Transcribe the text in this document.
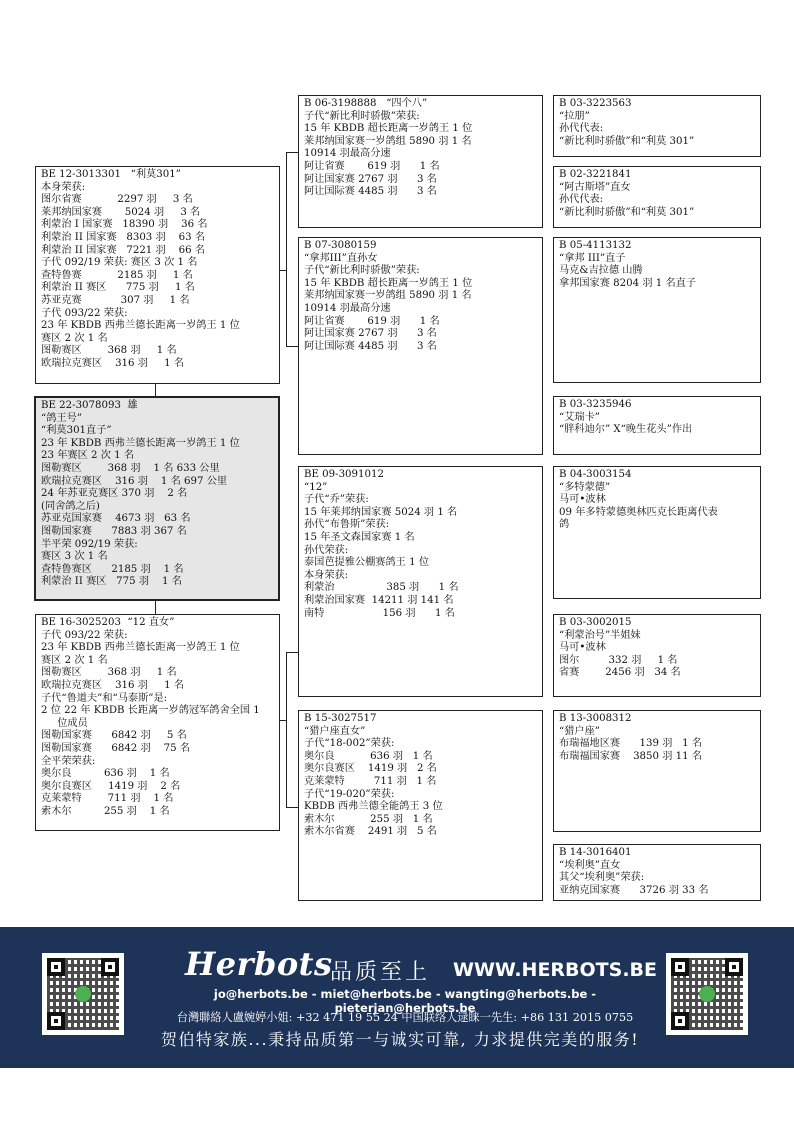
BE 12-3013301   “利莫301”
本身荣获:
图尔省赛           2297 羽     3 名
莱邦纳国家赛       5024 羽     3 名
利蒙治 I 国家赛   18390 羽    36 名
利蒙治 II 国家赛   8303 羽    63 名
利蒙治 II 国家赛   7221 羽    66 名
子代 092/19 荣获: 赛区 3 次 1 名
查特鲁赛           2185 羽     1 名
利蒙治 II 赛区      775 羽     1 名
苏亚克赛            307 羽     1 名
子代 093/22 荣获:
23 年 KBDB 西弗兰德长距离一岁鸽王 1 位
赛区 2 次 1 名
图勒赛区        368 羽     1 名
欧瑞拉克赛区    316 羽     1 名
BE 22-3078093  雄
“鸽王号”
“利莫301直子”
23 年 KBDB 西弗兰德长距离一岁鸽王 1 位
23 年赛区 2 次 1 名
图勒赛区        368 羽    1 名 633 公里
欧瑞拉克赛区    316 羽    1 名 697 公里
24 年苏亚克赛区 370 羽    2 名
(同舍鸽之后)
苏亚克国家赛    4673 羽   63 名
图勒国家赛      7883 羽 367 名
半平荣 092/19 荣获:
赛区 3 次 1 名
查特鲁赛区      2185 羽    1 名
利蒙治 II 赛区   775 羽    1 名
BE 16-3025203  “12 直女”
子代 093/22 荣获:
23 年 KBDB 西弗兰德长距离一岁鸽王 1 位
赛区 2 次 1 名
图勒赛区        368 羽     1 名
欧瑞拉克赛区    316 羽     1 名
子代“鲁道夫”和“马泰斯”是:
2 位 22 年 KBDB 长距离一岁鸽冠军鸽舍全国 1
位成员
图勒国家赛      6842 羽     5 名
图勒国家赛      6842 羽    75 名
全平荣荣获:
奥尔良          636 羽    1 名
奥尔良赛区     1419 羽    2 名
克莱蒙特        711 羽    1 名
索木尔          255 羽    1 名
B 06-3198888   “四个八”
子代“新比利时骄傲”荣获:
15 年 KBDB 超长距离一岁鸽王 1 位
莱邦纳国家赛一岁鸽组 5890 羽 1 名
10914 羽最高分速
阿让省赛       619 羽      1 名
阿让国家赛 2767 羽      3 名
阿让国际赛 4485 羽      3 名
B 07-3080159
“拿邦III”直孙女
子代“新比利时骄傲”荣获:
15 年 KBDB 超长距离一岁鸽王 1 位
莱邦纳国家赛一岁鸽组 5890 羽 1 名
10914 羽最高分速
阿让省赛       619 羽      1 名
阿让国家赛 2767 羽      3 名
阿让国际赛 4485 羽      3 名
BE 09-3091012
“12”
子代“乔”荣获:
15 年莱邦纳国家赛 5024 羽 1 名
孙代“布鲁斯”荣获:
15 年圣文森国家赛 1 名
孙代荣获:
泰国芭提雅公棚赛鸽王 1 位
本身荣获:
利蒙治                385 羽      1 名
利蒙治国家赛  14211 羽 141 名
南特                  156 羽      1 名
B 15-3027517
“猎户座直女”
子代“18-002”荣获:
奥尔良           636 羽   1 名
奥尔良赛区    1419 羽   2 名
克莱蒙特         711 羽   1 名
子代“19-020”荣获:
KBDB 西弗兰德全能鸽王 3 位
索木尔           255 羽   1 名
索木尔省赛    2491 羽   5 名
B 03-3223563
“拉朋”
孙代代表:
“新比利时骄傲”和“利莫 301”
B 02-3221841
“阿古斯塔”直女
孙代代表:
“新比利时骄傲”和“利莫 301”
B 05-4113132
“拿邦 III”直子
马克&吉拉德 山腾
拿邦国家赛 8204 羽 1 名直子
B 03-3235946
“艾瑞卡”
“胖科迪尔” X“晚生花头”作出
B 04-3003154
“多特蒙德”
马可•波林
09 年多特蒙德奥林匹克长距离代表
鸽
B 03-3002015
“利蒙治号”半姐妹
马可•波林
图尔         332 羽     1 名
省赛        2456 羽   34 名
B 13-3008312
“猎户座”
布瑞福地区赛      139 羽   1 名
布瑞福国家赛    3850 羽 11 名
B 14-3016401
“埃利奥”直女
其父“埃利奥”荣获:
亚纳克国家赛      3726 羽 33 名
Herbots
品质至上 WWW.HERBOTS.BE
jo@herbots.be - miet@herbots.be - wangting@herbots.be - pieterjan@herbots.be
台灣聯絡人盧婉婷小姐: +32 471 19 55 24 中国联络人逯睐一先生: +86 131 2015 0755
贺伯特家族...秉持品质第一与诚实可靠, 力求提供完美的服务!
